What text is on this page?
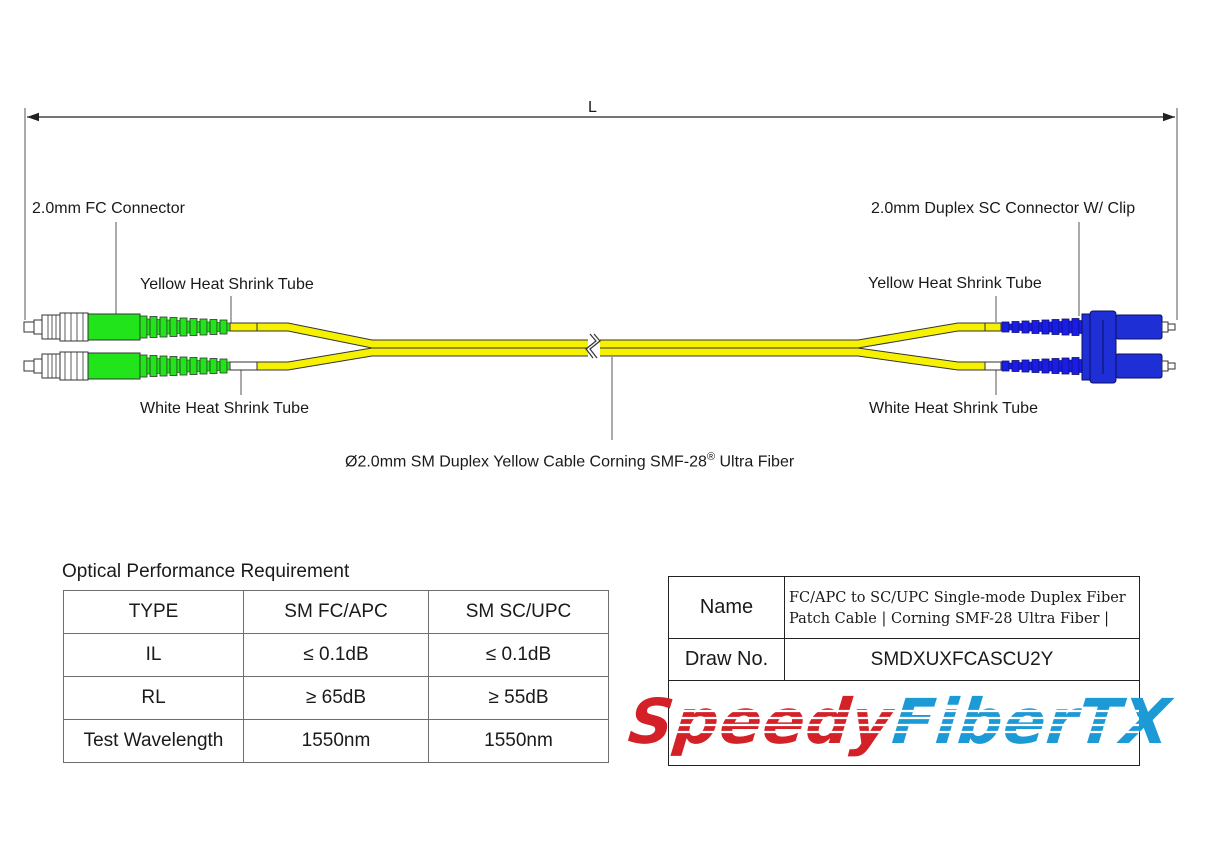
L
2.0mm FC Connector	2.0mm Duplex SC Connector W/ Clip
Yellow Heat Shrink Tube	Yellow Heat Shrink Tube
White Heat Shrink Tube	White Heat Shrink Tube
Ø2.0mm SM Duplex Yellow Cable Corning SMF-28® Ultra Fiber
Optical Performance Requirement
TYPE	SM FC/APC	SM SC/UPC
IL	≤ 0.1dB	≤ 0.1dB
RL	≥ 65dB	≥ 55dB
Test Wavelength	1550nm	1550nm
Name	FC/APC to SC/UPC Single-mode Duplex Fiber Patch Cable | Corning SMF-28 Ultra Fiber |
Draw No.	SMDXUXFCASCU2Y
SpeedyFiberTX
